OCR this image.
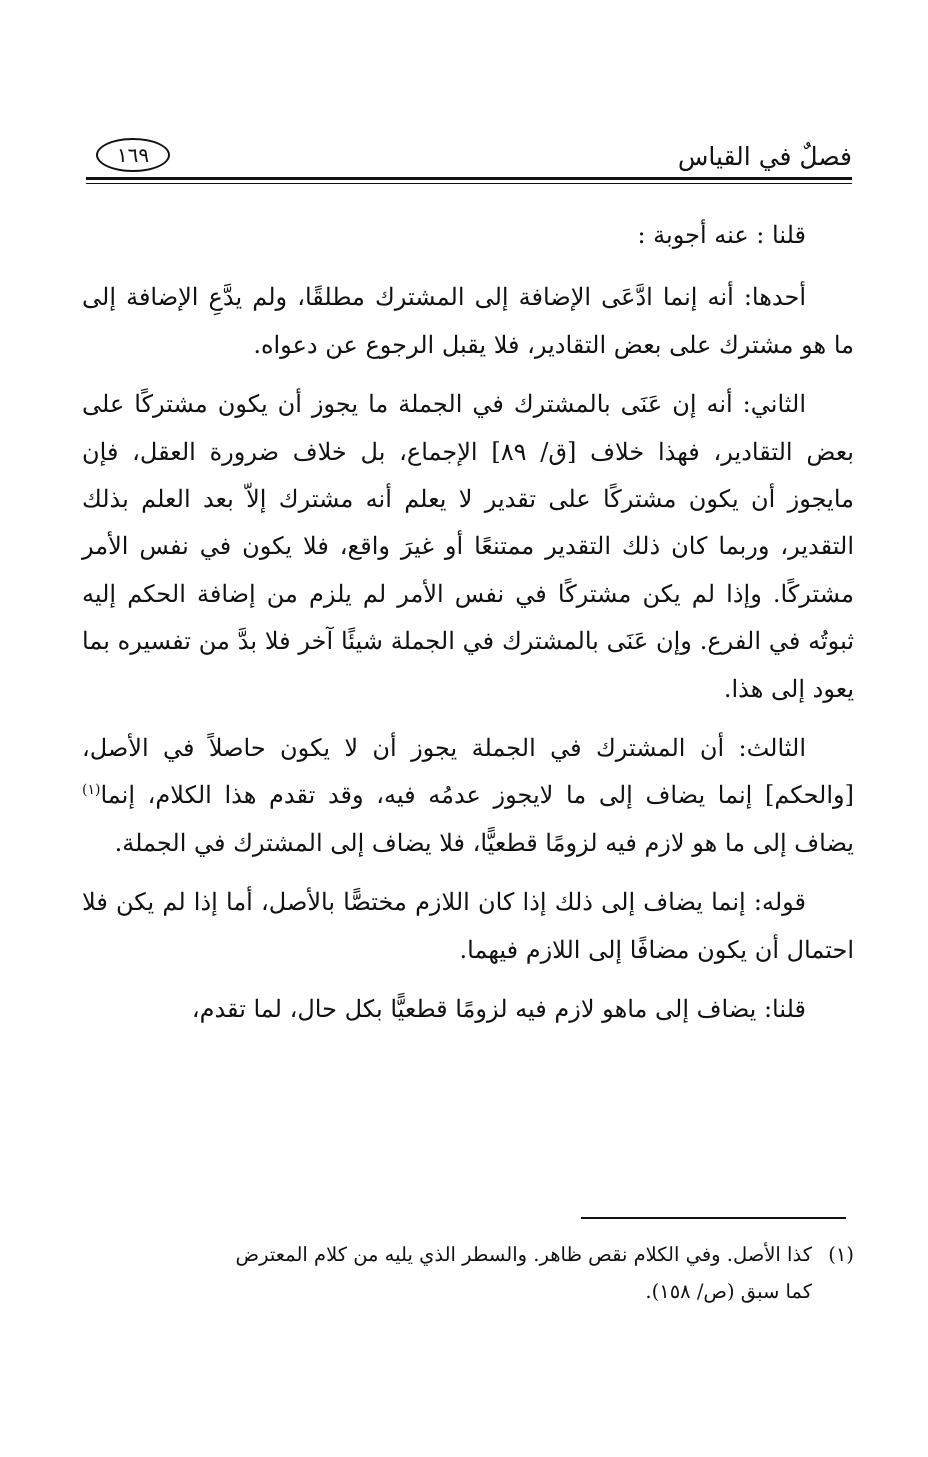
فصلٌ في القياس
١٦٩

قلنا : عنه أجوبة :

أحدها: أنه إنما ادَّعَى الإضافة إلى المشترك مطلقًا، ولم يدَّعِ الإضافة إلى ما هو مشترك على بعض التقادير، فلا يقبل الرجوع عن دعواه.

الثاني: أنه إن عَنَى بالمشترك في الجملة ما يجوز أن يكون مشتركًا على بعض التقادير، فهذا خلاف [ق/ ٨٩] الإجماع، بل خلاف ضرورة العقل، فإن مايجوز أن يكون مشتركًا على تقدير لا يعلم أنه مشترك إلاّ بعد العلم بذلك التقدير، وربما كان ذلك التقدير ممتنعًا أو غيرَ واقع، فلا يكون في نفس الأمر مشتركًا. وإذا لم يكن مشتركًا في نفس الأمر لم يلزم من إضافة الحكم إليه ثبوتُه في الفرع. وإن عَنَى بالمشترك في الجملة شيئًا آخر فلا بدَّ من تفسيره بما يعود إلى هذا.

الثالث: أن المشترك في الجملة يجوز أن لا يكون حاصلاً في الأصل، [والحكم] إنما يضاف إلى ما لايجوز عدمُه فيه، وقد تقدم هذا الكلام، إنما$^{(١)}$ يضاف إلى ما هو لازم فيه لزومًا قطعيًّا، فلا يضاف إلى المشترك في الجملة.

قوله: إنما يضاف إلى ذلك إذا كان اللازم مختصًّا بالأصل، أما إذا لم يكن فلا احتمال أن يكون مضافًا إلى اللازم فيهما.

قلنا: يضاف إلى ماهو لازم فيه لزومًا قطعيًّا بكل حال، لما تقدم،

(١)كذا الأصل. وفي الكلام نقص ظاهر. والسطر الذي يليه من كلام المعترض
كما سبق (ص/ ١٥٨).
